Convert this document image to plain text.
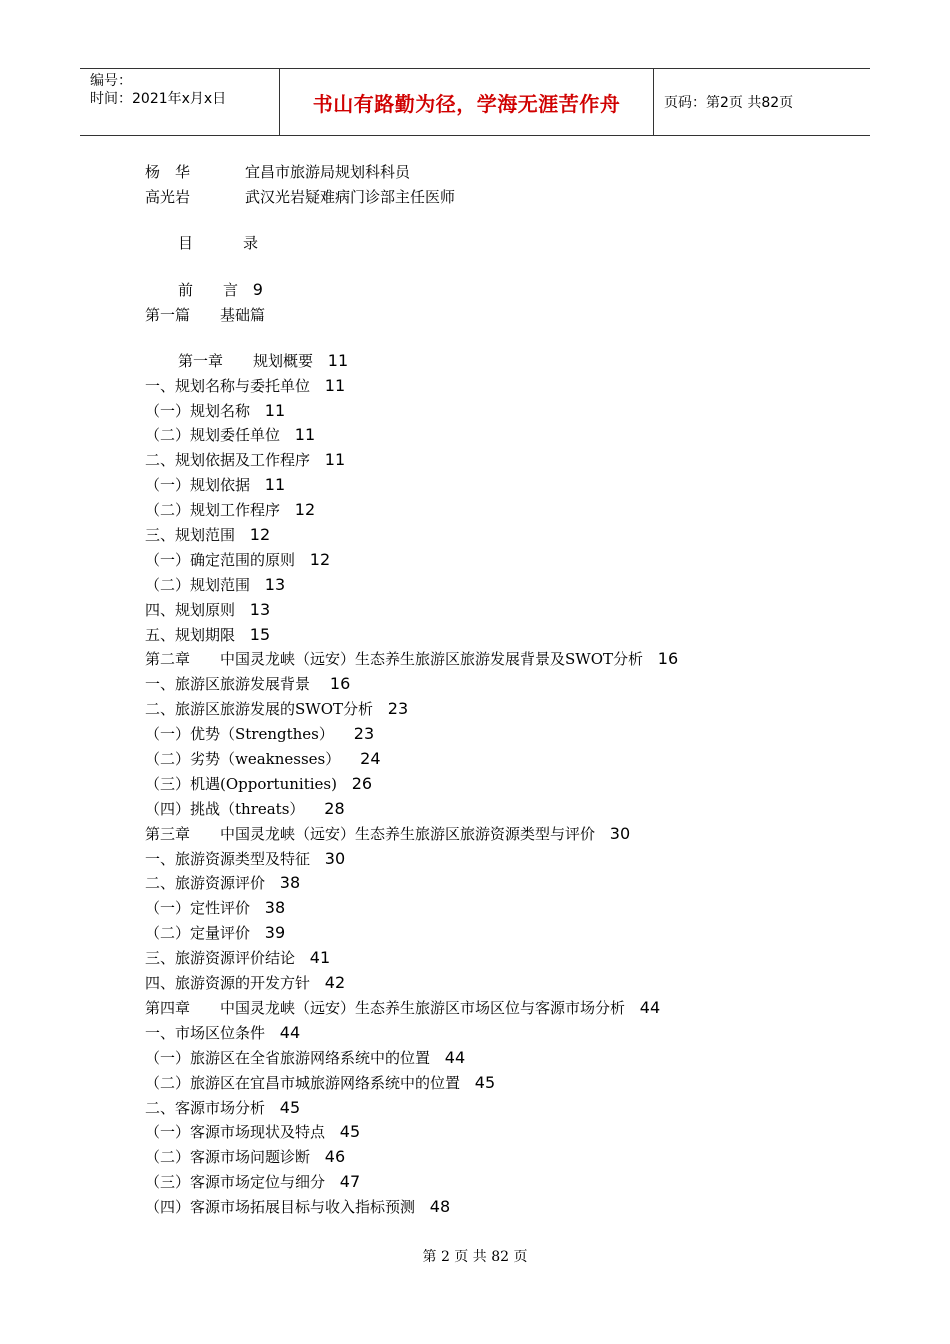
编号：
时间：2021年x月x日	书山有路勤为径，学海无涯苦作舟	页码：第2页 共82页
杨　华	宜昌市旅游局规划科科员
高光岩	武汉光岩疑难病门诊部主任医师
目	录
前　　言 9
第一篇　　基础篇
第一章　　规划概要 11
一、规划名称与委托单位 11
（一）规划名称 11
（二）规划委任单位 11
二、规划依据及工作程序 11
（一）规划依据 11
（二）规划工作程序 12
三、规划范围 12
（一）确定范围的原则 12
（二）规划范围 13
四、规划原则 13
五、规划期限 15
第二章　　中国灵龙峡（远安）生态养生旅游区旅游发展背景及SWOT分析 16
一、旅游区旅游发展背景    16
二、旅游区旅游发展的SWOT分析 23
（一）优势（Strengthes）    23
（二）劣势（weaknesses）    24
（三）机遇(Opportunities) 26
（四）挑战（threats）    28
第三章　　中国灵龙峡（远安）生态养生旅游区旅游资源类型与评价 30
一、旅游资源类型及特征 30
二、旅游资源评价 38
（一）定性评价 38
（二）定量评价 39
三、旅游资源评价结论 41
四、旅游资源的开发方针 42
第四章　　中国灵龙峡（远安）生态养生旅游区市场区位与客源市场分析 44
一、市场区位条件 44
（一）旅游区在全省旅游网络系统中的位置 44
（二）旅游区在宜昌市城旅游网络系统中的位置 45
二、客源市场分析 45
（一）客源市场现状及特点 45
（二）客源市场问题诊断 46
（三）客源市场定位与细分 47
（四）客源市场拓展目标与收入指标预测 48
第 2 页 共 82 页
